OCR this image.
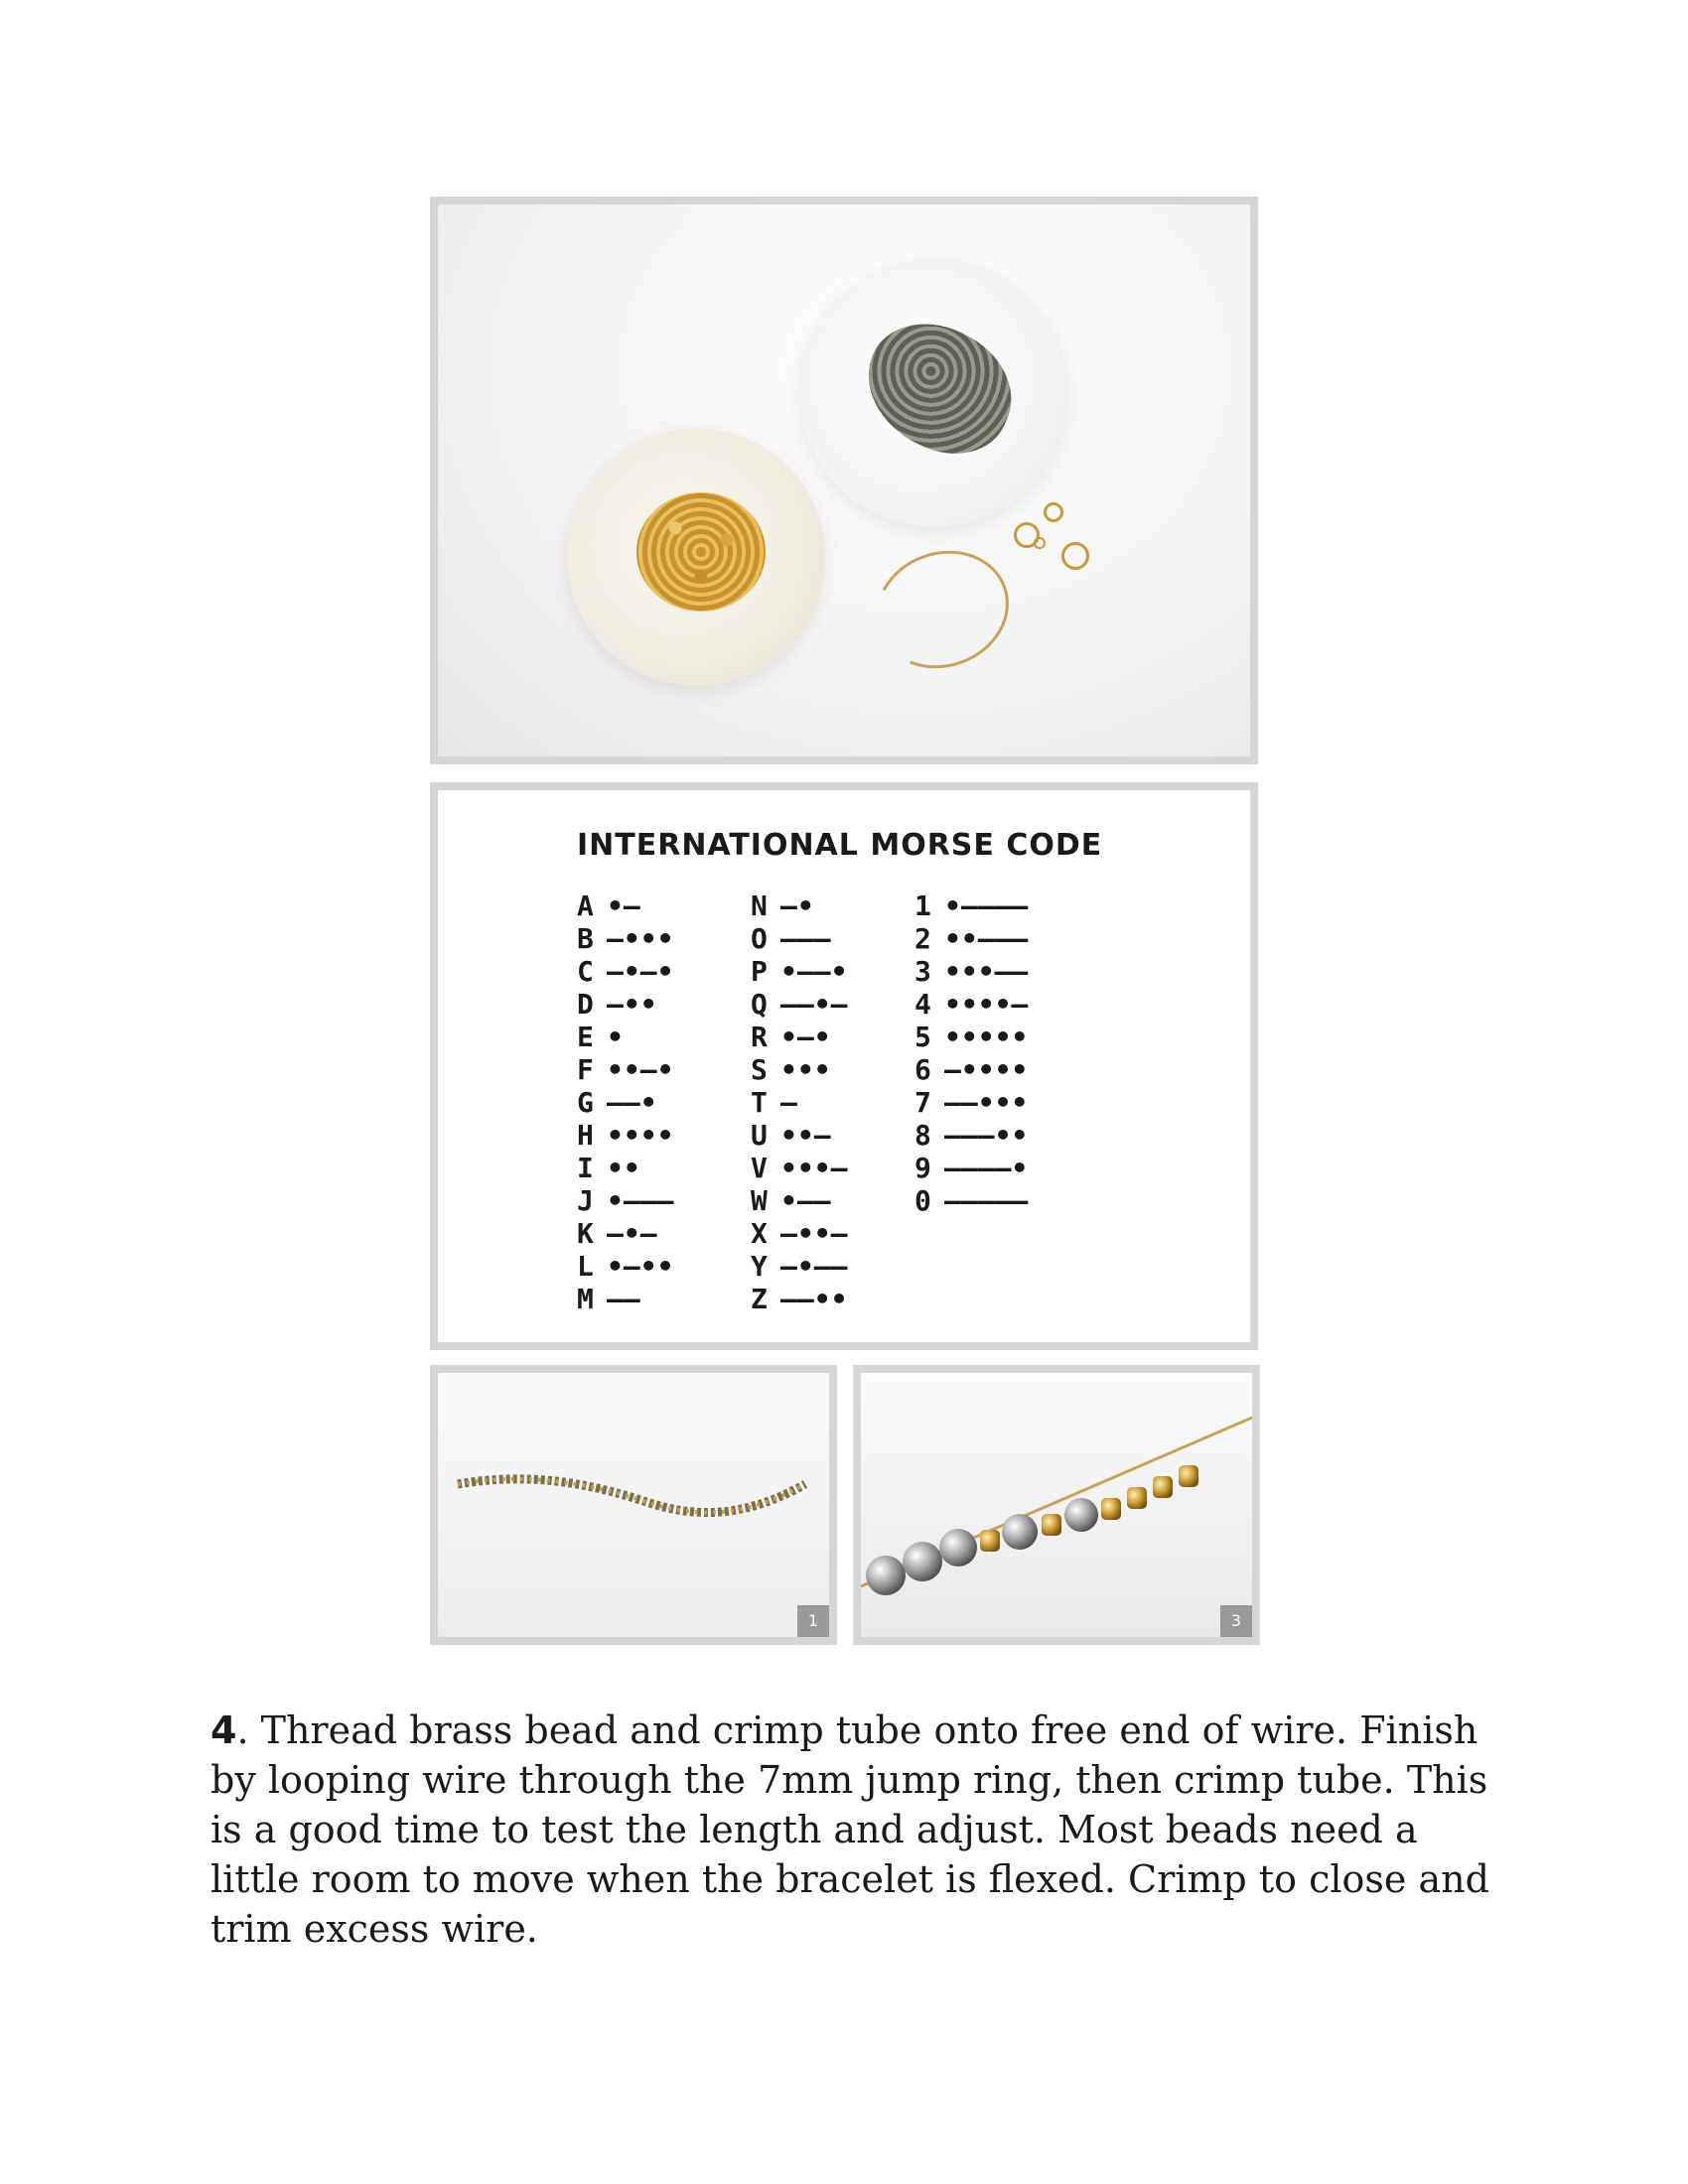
INTERNATIONAL MORSE CODE
A •—
B —•••
C —•—•
D —••
E •
F ••—•
G ——•
H ••••
I ••
J •———
K —•—
L •—••
M ——
N —•
O ———
P •——•
Q ——•—
R •—•
S •••
T —
U ••—
V •••—
W •——
X —••—
Y —•——
Z ——••
1 •————
2 ••———
3 •••——
4 ••••—
5 •••••
6 —••••
7 ——•••
8 ———••
9 ————•
0 —————
1	3

4. Thread brass bead and crimp tube onto free end of wire. Finish by looping wire through the 7mm jump ring, then crimp tube. This is a good time to test the length and adjust. Most beads need a little room to move when the bracelet is flexed. Crimp to close and trim excess wire.
